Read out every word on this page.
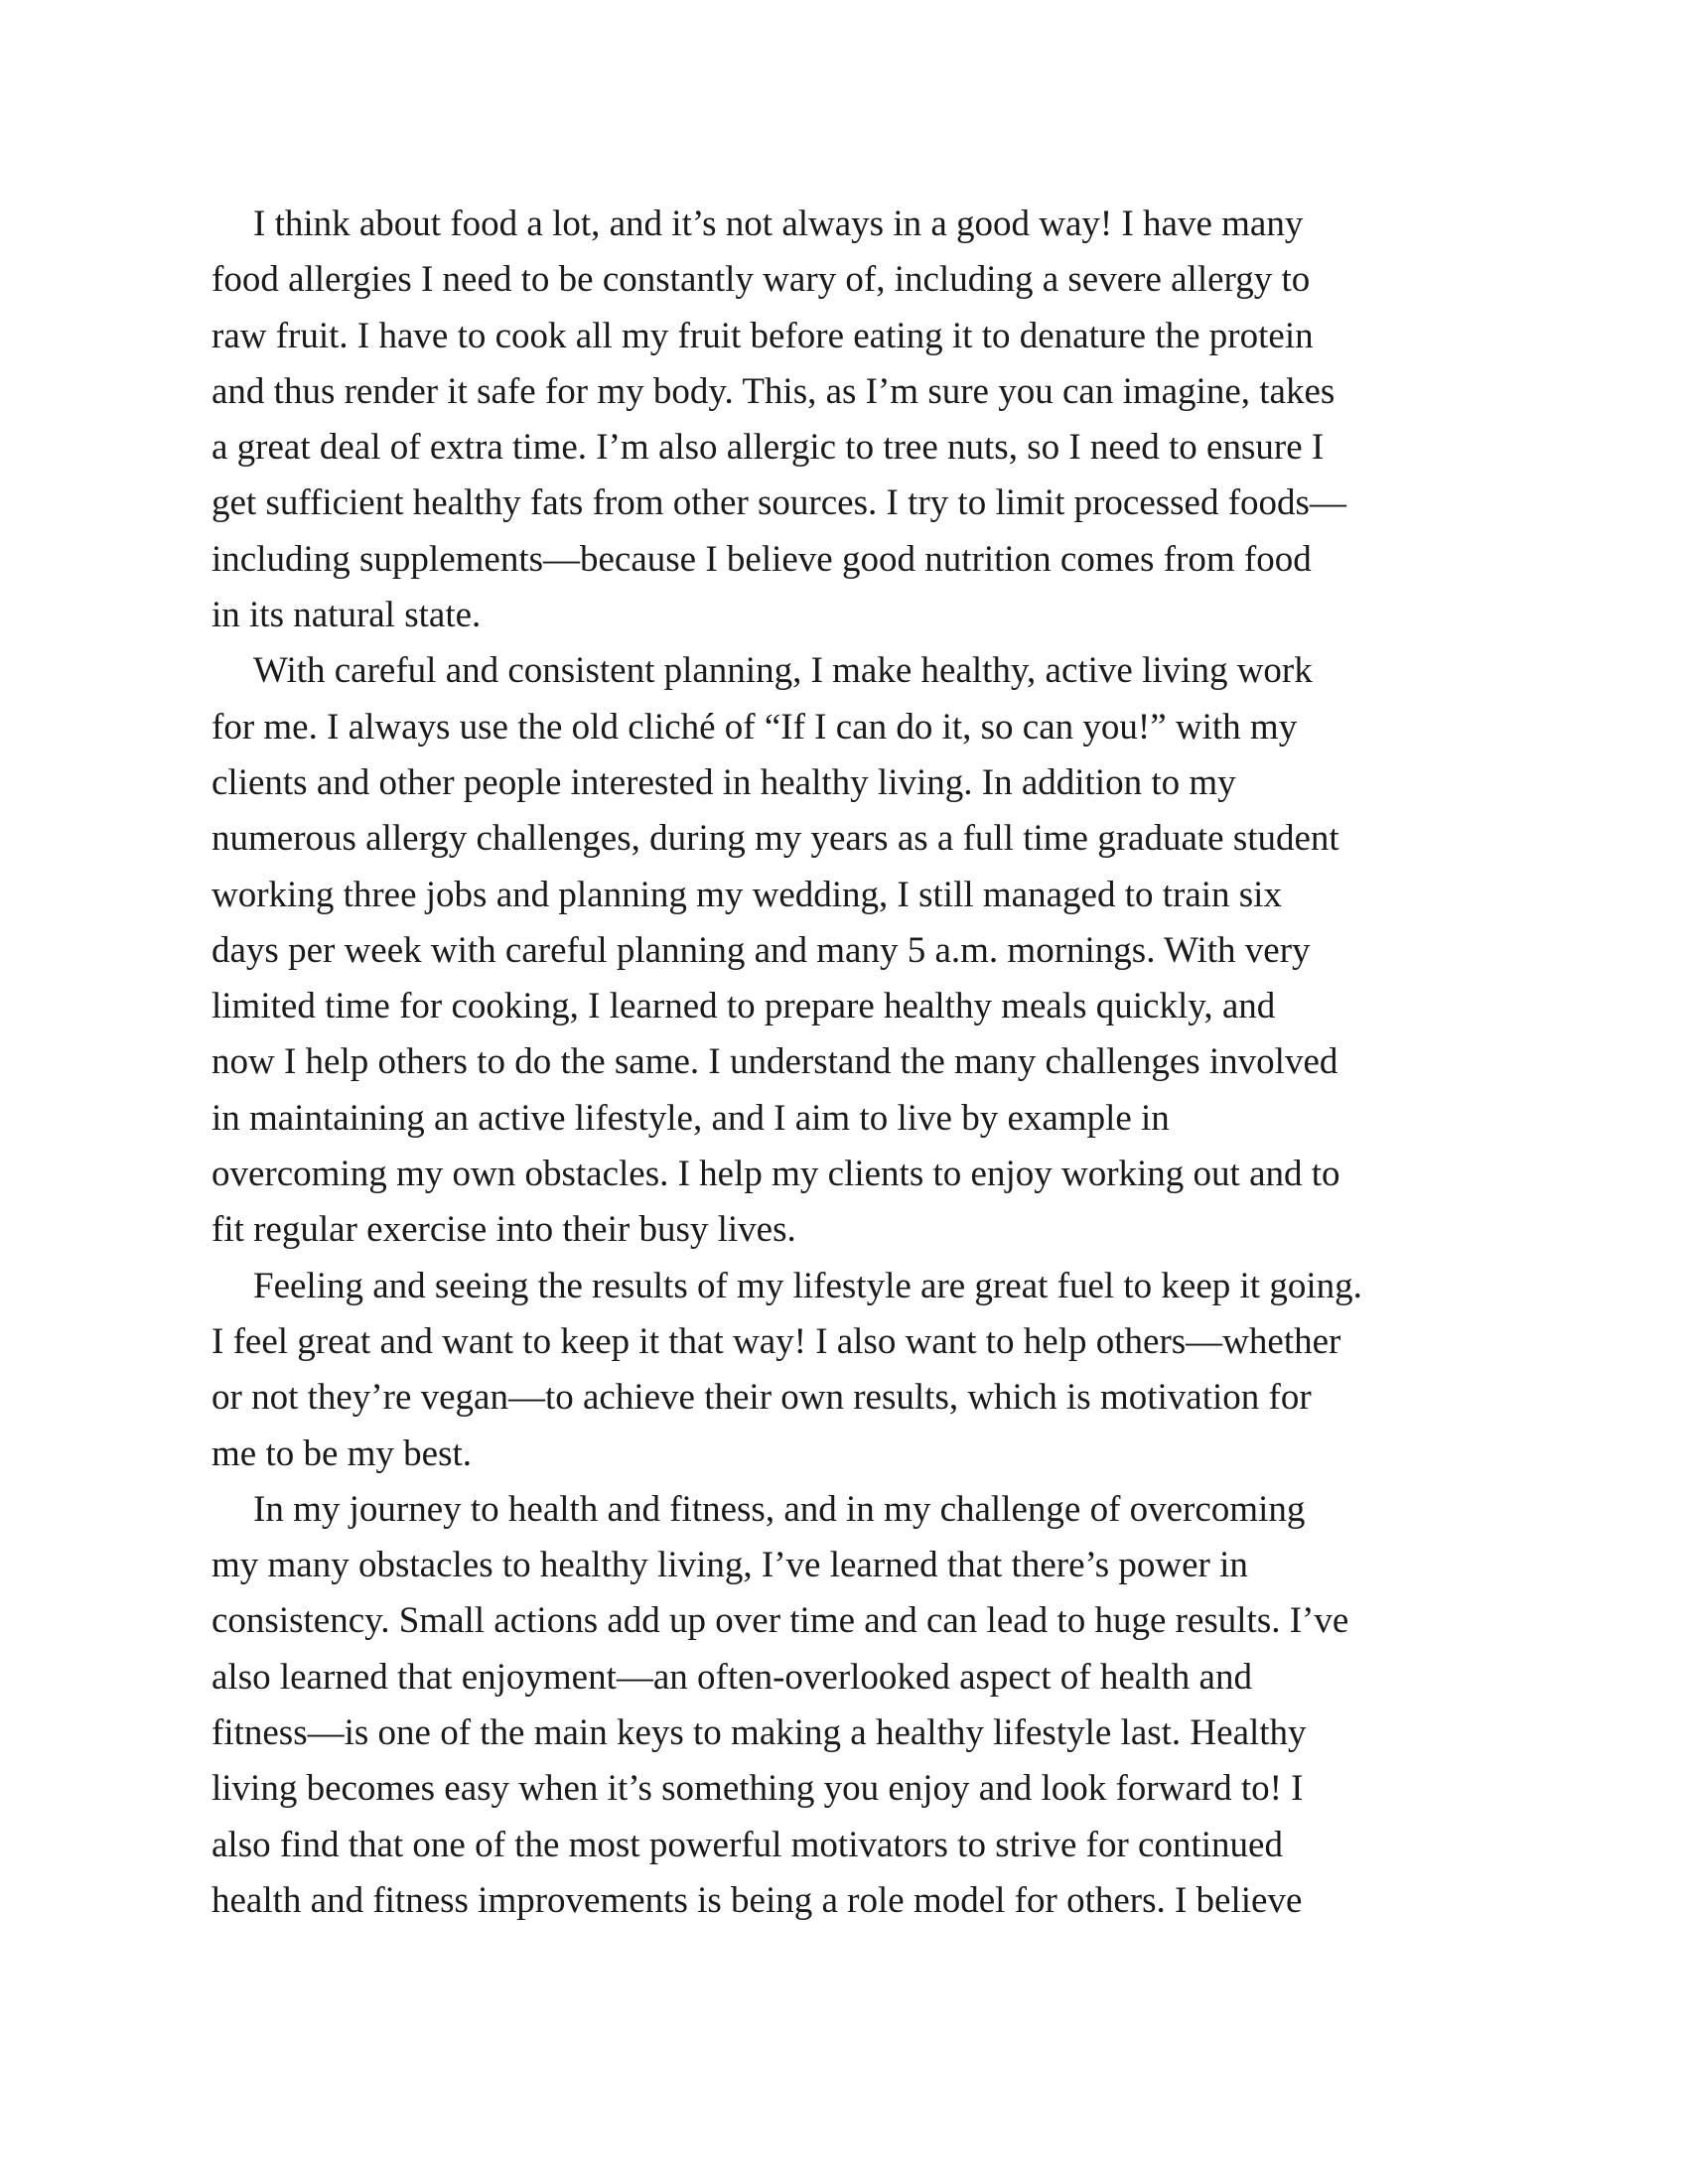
I think about food a lot, and it’s not always in a good way! I have many
food allergies I need to be constantly wary of, including a severe allergy to
raw fruit. I have to cook all my fruit before eating it to denature the protein
and thus render it safe for my body. This, as I’m sure you can imagine, takes
a great deal of extra time. I’m also allergic to tree nuts, so I need to ensure I
get sufficient healthy fats from other sources. I try to limit processed foods—
including supplements—because I believe good nutrition comes from food
in its natural state.
With careful and consistent planning, I make healthy, active living work
for me. I always use the old cliché of “If I can do it, so can you!” with my
clients and other people interested in healthy living. In addition to my
numerous allergy challenges, during my years as a full time graduate student
working three jobs and planning my wedding, I still managed to train six
days per week with careful planning and many 5 a.m. mornings. With very
limited time for cooking, I learned to prepare healthy meals quickly, and
now I help others to do the same. I understand the many challenges involved
in maintaining an active lifestyle, and I aim to live by example in
overcoming my own obstacles. I help my clients to enjoy working out and to
fit regular exercise into their busy lives.
Feeling and seeing the results of my lifestyle are great fuel to keep it going.
I feel great and want to keep it that way! I also want to help others—whether
or not they’re vegan—to achieve their own results, which is motivation for
me to be my best.
In my journey to health and fitness, and in my challenge of overcoming
my many obstacles to healthy living, I’ve learned that there’s power in
consistency. Small actions add up over time and can lead to huge results. I’ve
also learned that enjoyment—an often-overlooked aspect of health and
fitness—is one of the main keys to making a healthy lifestyle last. Healthy
living becomes easy when it’s something you enjoy and look forward to! I
also find that one of the most powerful motivators to strive for continued
health and fitness improvements is being a role model for others. I believe
